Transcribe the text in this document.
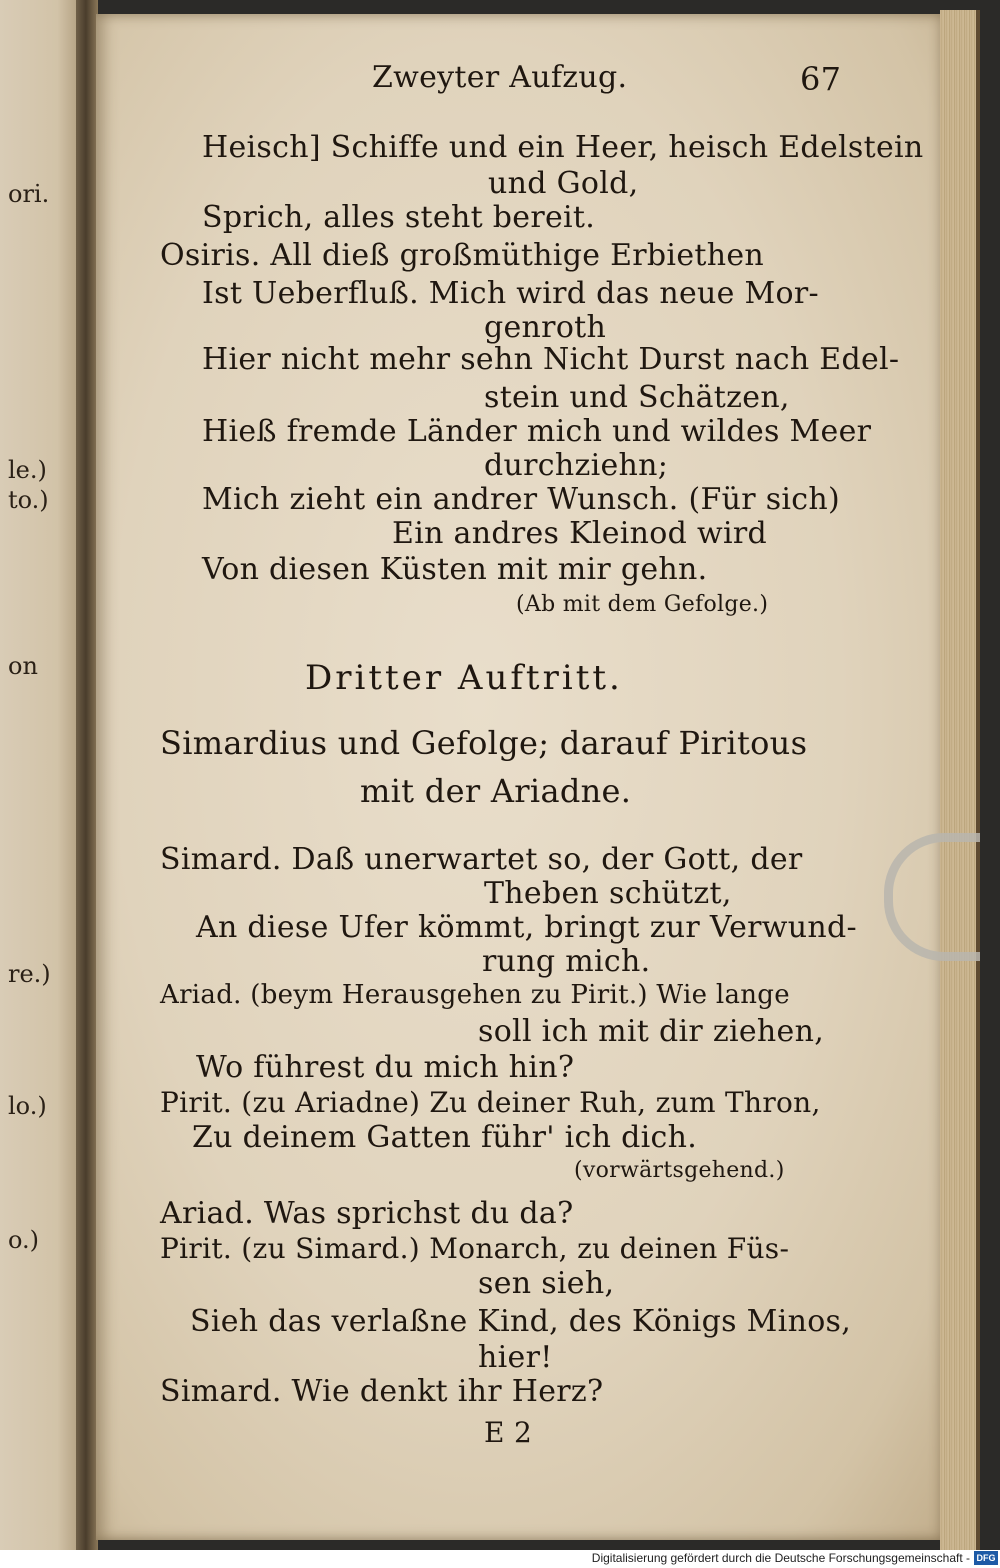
ori.
le.)
to.)
on
re.)
lo.)
o.)
Zweyter Aufzug.	67
Heisch] Schiffe und ein Heer, heisch Edelstein
und Gold,
Sprich, alles steht bereit.
Osiris. All dieß großmüthige Erbiethen
Ist Ueberfluß. Mich wird das neue Mor-
genroth
Hier nicht mehr sehn Nicht Durst nach Edel-
stein und Schätzen,
Hieß fremde Länder mich und wildes Meer
durchziehn;
Mich zieht ein andrer Wunsch. (Für sich)
Ein andres Kleinod wird
Von diesen Küsten mit mir gehn.
(Ab mit dem Gefolge.)
Dritter Auftritt.
Simardius und Gefolge; darauf Piritous
mit der Ariadne.
Simard. Daß unerwartet so, der Gott, der
Theben schützt,
An diese Ufer kömmt, bringt zur Verwund-
rung mich.
Ariad. (beym Herausgehen zu Pirit.) Wie lange
soll ich mit dir ziehen,
Wo führest du mich hin?
Pirit. (zu Ariadne) Zu deiner Ruh, zum Thron,
Zu deinem Gatten führ' ich dich.
(vorwärtsgehend.)
Ariad. Was sprichst du da?
Pirit. (zu Simard.) Monarch, zu deinen Füs-
sen sieh,
Sieh das verlaßne Kind, des Königs Minos,
hier!
Simard. Wie denkt ihr Herz?
E 2
Digitalisierung gefördert durch die Deutsche Forschungsgemeinschaft - DFG
